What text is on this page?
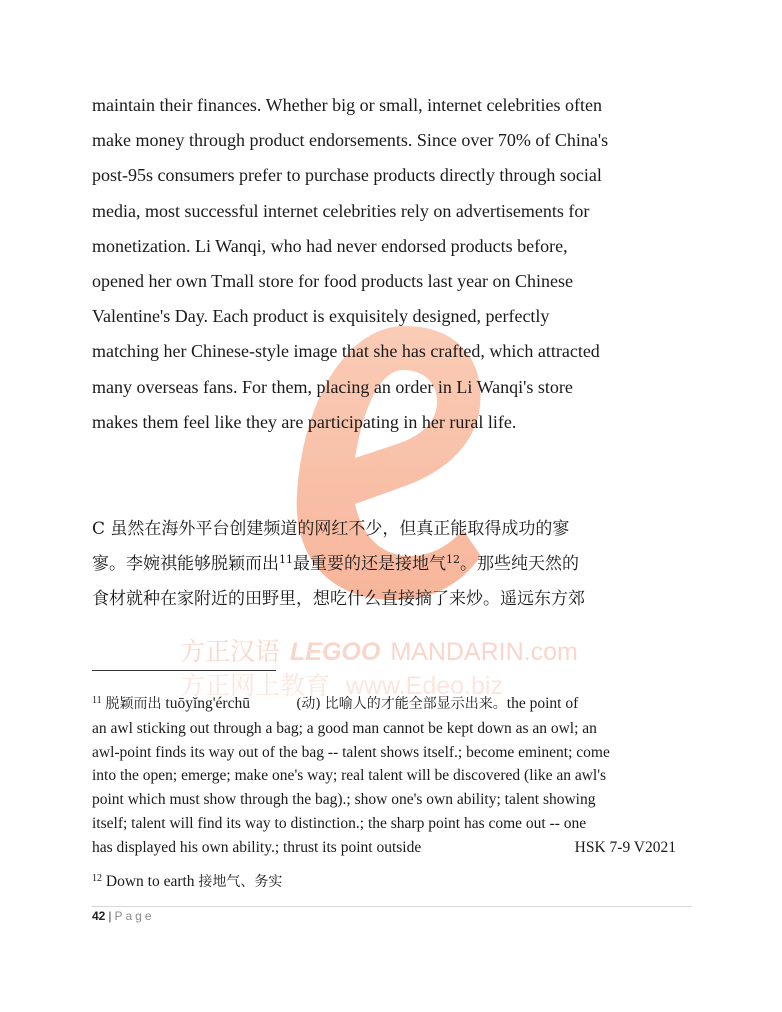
方正汉语 LEGOO MANDARIN.com
方正网上教育 www.Edeo.biz

maintain their finances. Whether big or small, internet celebrities often
make money through product endorsements. Since over 70% of China's
post-95s consumers prefer to purchase products directly through social
media, most successful internet celebrities rely on advertisements for
monetization. Li Wanqi, who had never endorsed products before,
opened her own Tmall store for food products last year on Chinese
Valentine's Day. Each product is exquisitely designed, perfectly
matching her Chinese-style image that she has crafted, which attracted
many overseas fans. For them, placing an order in Li Wanqi's store
makes them feel like they are participating in her rural life.

C 虽然在海外平台创建频道的网红不少，但真正能取得成功的寥
寥。李婉祺能够脱颖而出$^{11}$最重要的还是接地气$^{12}$。那些纯天然的
食材就种在家附近的田野里，想吃什么直接摘了来炒。遥远东方郊

$^{11}$ 脱颖而出 tuōyǐng'érchū	(动) 比喻人的才能全部显示出来。the point of
an awl sticking out through a bag; a good man cannot be kept down as an owl; an
awl-point finds its way out of the bag -- talent shows itself.; become eminent; come
into the open; emerge; make one's way; real talent will be discovered (like an awl's
point which must show through the bag).; show one's own ability; talent showing
itself; talent will find its way to distinction.; the sharp point has come out -- one
has displayed his own ability.; thrust its point outside	HSK 7-9 V2021
$^{12}$ Down to earth 接地气、务实
42 | Page
